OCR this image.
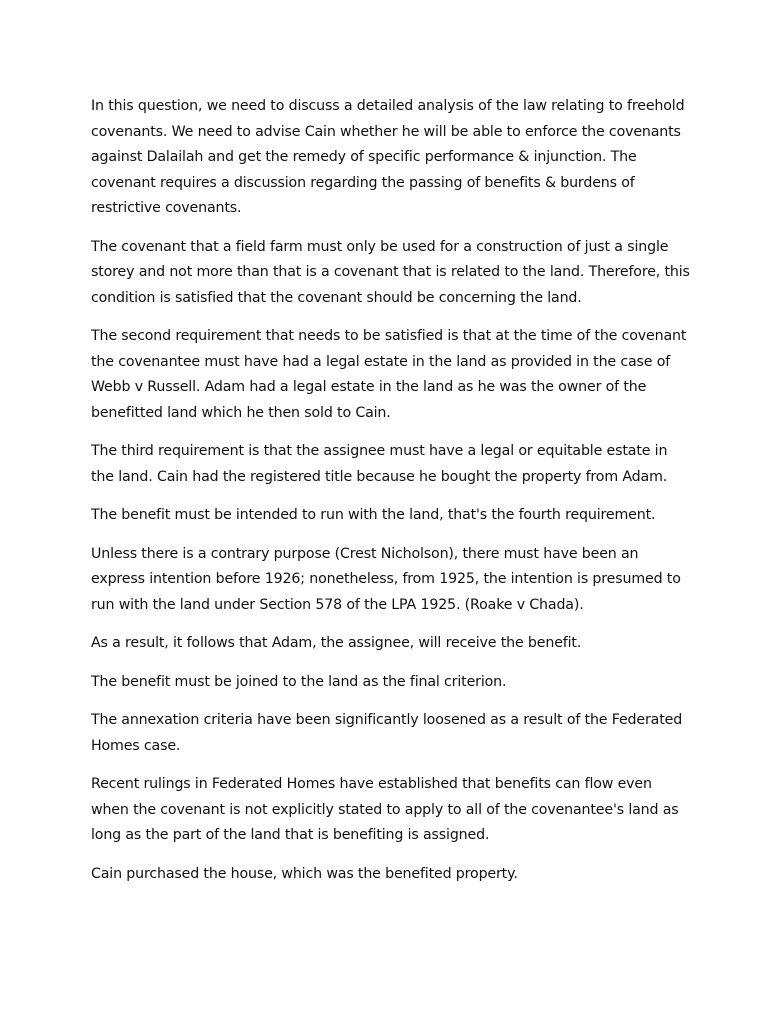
In this question, we need to discuss a detailed analysis of the law relating to freehold covenants. We need to advise Cain whether he will be able to enforce the covenants against Dalailah and get the remedy of specific performance & injunction. The covenant requires a discussion regarding the passing of benefits & burdens of restrictive covenants.

The covenant that a field farm must only be used for a construction of just a single storey and not more than that is a covenant that is related to the land. Therefore, this condition is satisfied that the covenant should be concerning the land.

The second requirement that needs to be satisfied is that at the time of the covenant the covenantee must have had a legal estate in the land as provided in the case of Webb v Russell. Adam had a legal estate in the land as he was the owner of the benefitted land which he then sold to Cain.

The third requirement is that the assignee must have a legal or equitable estate in the land. Cain had the registered title because he bought the property from Adam.

The benefit must be intended to run with the land, that's the fourth requirement.

Unless there is a contrary purpose (Crest Nicholson), there must have been an express intention before 1926; nonetheless, from 1925, the intention is presumed to run with the land under Section 578 of the LPA 1925. (Roake v Chada).

As a result, it follows that Adam, the assignee, will receive the benefit.

The benefit must be joined to the land as the final criterion.

The annexation criteria have been significantly loosened as a result of the Federated Homes case.

Recent rulings in Federated Homes have established that benefits can flow even when the covenant is not explicitly stated to apply to all of the covenantee's land as long as the part of the land that is benefiting is assigned.

Cain purchased the house, which was the benefited property.
